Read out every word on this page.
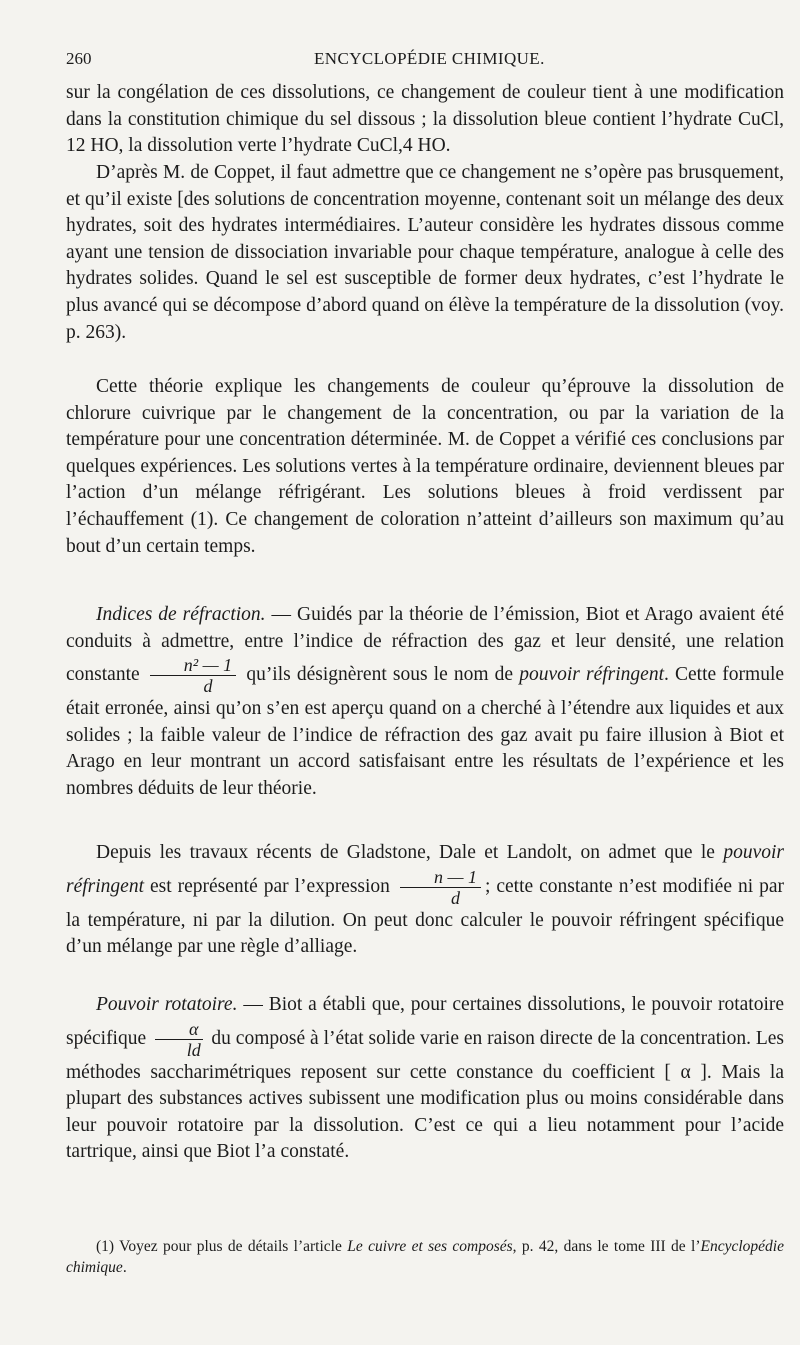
260	ENCYCLOPÉDIE CHIMIQUE.

sur la congélation de ces dissolutions, ce changement de couleur tient à une modification dans la constitution chimique du sel dissous ; la dissolution bleue contient l’hydrate CuCl, 12 HO, la dissolution verte l’hydrate CuCl,4 HO.

D’après M. de Coppet, il faut admettre que ce changement ne s’opère pas brusquement, et qu’il existe [des solutions de concentration moyenne, contenant soit un mélange des deux hydrates, soit des hydrates intermédiaires. L’auteur considère les hydrates dissous comme ayant une tension de dissociation invariable pour chaque température, analogue à celle des hydrates solides. Quand le sel est susceptible de former deux hydrates, c’est l’hydrate le plus avancé qui se décompose d’abord quand on élève la température de la dissolution (voy. p. 263).

Cette théorie explique les changements de couleur qu’éprouve la dissolution de chlorure cuivrique par le changement de la concentration, ou par la variation de la température pour une concentration déterminée. M. de Coppet a vérifié ces conclusions par quelques expériences. Les solutions vertes à la température ordinaire, deviennent bleues par l’action d’un mélange réfrigérant. Les solutions bleues à froid verdissent par l’échauffement (1). Ce changement de coloration n’atteint d’ailleurs son maximum qu’au bout d’un certain temps.

Indices de réfraction. — Guidés par la théorie de l’émission, Biot et Arago avaient été conduits à admettre, entre l’indice de réfraction des gaz et leur densité, une relation constante $\frac{\text{n² — 1}}{d}$ qu’ils désignèrent sous le nom de pouvoir réfringent. Cette formule était erronée, ainsi qu’on s’en est aperçu quand on a cherché à l’étendre aux liquides et aux solides ; la faible valeur de l’indice de réfraction des gaz avait pu faire illusion à Biot et Arago en leur montrant un accord satisfaisant entre les résultats de l’expérience et les nombres déduits de leur théorie.

Depuis les travaux récents de Gladstone, Dale et Landolt, on admet que le pouvoir réfringent est représenté par l’expression $\frac{n — 1}{d}$ ; cette constante n’est modifiée ni par la température, ni par la dilution. On peut donc calculer le pouvoir réfringent spécifique d’un mélange par une règle d’alliage.

Pouvoir rotatoire. — Biot a établi que, pour certaines dissolutions, le pouvoir rotatoire spécifique $\frac{\alpha}{ld}$ du composé à l’état solide varie en raison directe de la concentration. Les méthodes saccharimétriques reposent sur cette constance du coefficient [ α ]. Mais la plupart des substances actives subissent une modification plus ou moins considérable dans leur pouvoir rotatoire par la dissolution. C’est ce qui a lieu notamment pour l’acide tartrique, ainsi que Biot l’a constaté.

(1) Voyez pour plus de détails l’article Le cuivre et ses composés, p. 42, dans le tome III de l’Encyclopédie chimique.
